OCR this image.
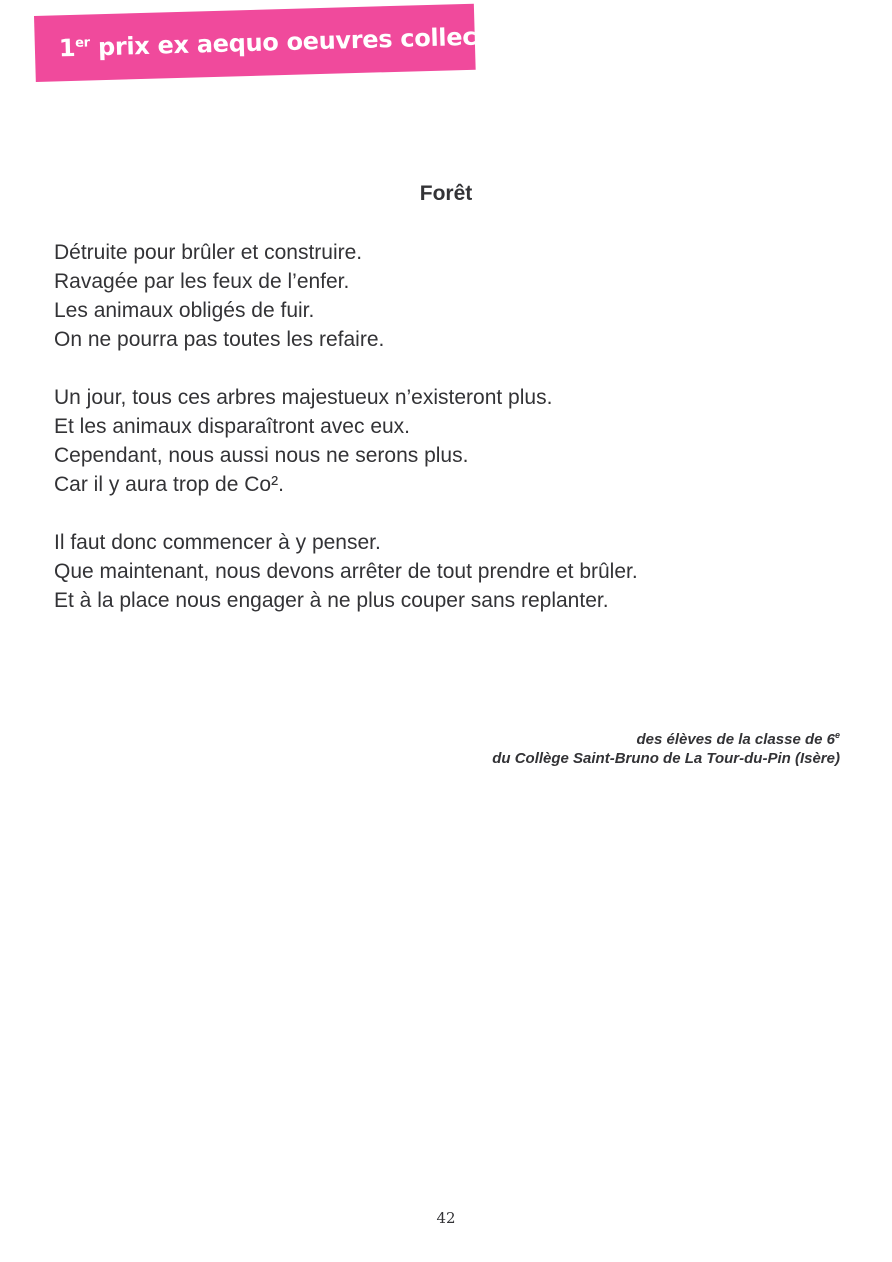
1er prix ex aequo oeuvres collectives
Forêt
Détruite pour brûler et construire.
Ravagée par les feux de l’enfer.
Les animaux obligés de fuir.
On ne pourra pas toutes les refaire.
Un jour, tous ces arbres majestueux n’existeront plus.
Et les animaux disparaîtront avec eux.
Cependant, nous aussi nous ne serons plus.
Car il y aura trop de Co².
Il faut donc commencer à y penser.
Que maintenant, nous devons arrêter de tout prendre et brûler.
Et à la place nous engager à ne plus couper sans replanter.
des élèves de la classe de 6e
du Collège Saint-Bruno de La Tour-du-Pin (Isère)
42
